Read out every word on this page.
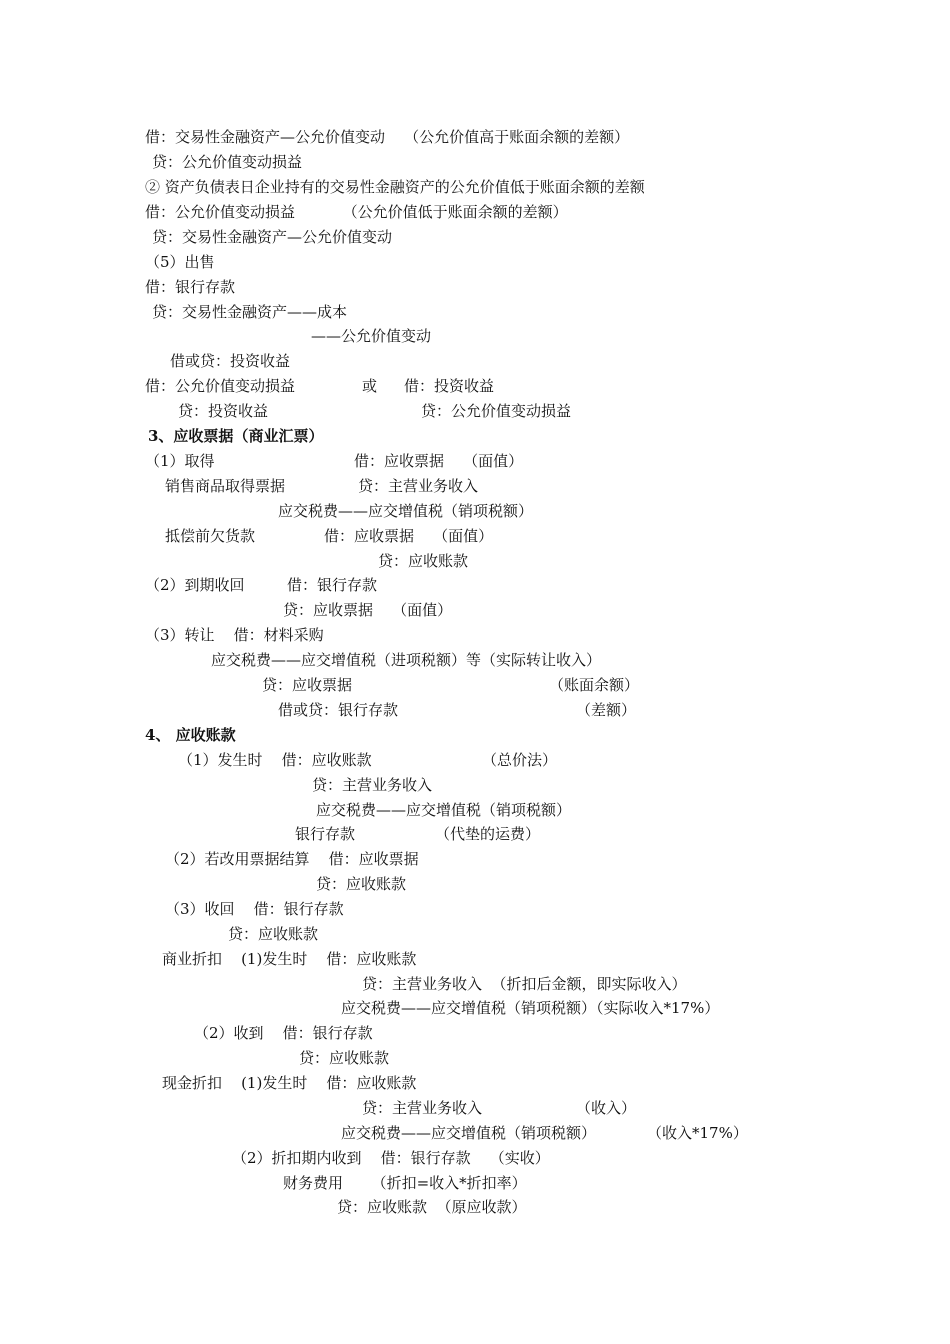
借：交易性金融资产—公允价值变动    （公允价值高于账面余额的差额）
贷：公允价值变动损益
② 资产负债表日企业持有的交易性金融资产的公允价值低于账面余额的差额
借：公允价值变动损益          （公允价值低于账面余额的差额）
贷：交易性金融资产—公允价值变动
（5）出售
借：银行存款
贷：交易性金融资产——成本
——公允价值变动
借或贷：投资收益
借：公允价值变动损益	或 借：投资收益
贷：投资收益	贷：公允价值变动损益
3、应收票据（商业汇票）
（1）取得	借：应收票据    （面值）
销售商品取得票据	贷：主营业务收入
应交税费——应交增值税（销项税额）
抵偿前欠货款	借：应收票据    （面值）
贷：应收账款
（2）到期收回	借：银行存款
贷：应收票据    （面值）
（3）转让    借：材料采购
应交税费——应交增值税（进项税额）等（实际转让收入）
贷：应收票据	（账面余额）
借或贷：银行存款	（差额）
4、 应收账款
（1）发生时    借：应收账款	（总价法）
贷：主营业务收入
应交税费——应交增值税（销项税额）
银行存款	（代垫的运费）
（2）若改用票据结算    借：应收票据
贷：应收账款
（3）收回    借：银行存款
贷：应收账款
商业折扣    (1)发生时    借：应收账款
贷：主营业务收入  （折扣后金额，即实际收入）
应交税费——应交增值税（销项税额）（实际收入*17%）
（2）收到    借：银行存款
贷：应收账款
现金折扣    (1)发生时    借：应收账款
贷：主营业务收入	（收入）
应交税费——应交增值税（销项税额）	（收入*17%）
（2）折扣期内收到    借：银行存款    （实收）
财务费用      （折扣=收入*折扣率）
贷：应收账款  （原应收款）
